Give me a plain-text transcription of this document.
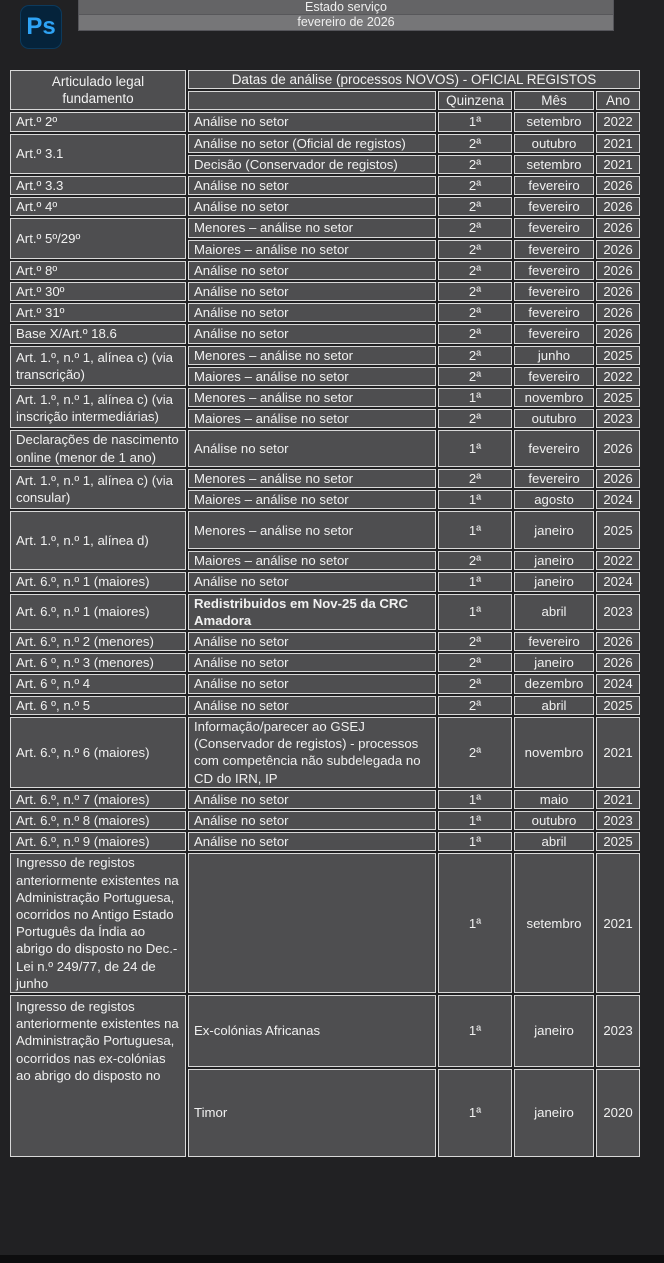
Ps
Estado serviço
fevereiro de 2026
Articulado legal fundamento	Datas de análise (processos NOVOS) - OFICIAL REGISTOS			
		Quinzena	Mês	Ano
Art.º 2º	Análise no setor	1ª	setembro	2022
Art.º 3.1	Análise no setor (Oficial de registos)	2ª	outubro	2021
	Decisão (Conservador de registos)	2ª	setembro	2021
Art.º 3.3	Análise no setor	2ª	fevereiro	2026
Art.º 4º	Análise no setor	2ª	fevereiro	2026
Art.º 5º/29º	Menores – análise no setor	2ª	fevereiro	2026
	Maiores – análise no setor	2ª	fevereiro	2026
Art.º 8º	Análise no setor	2ª	fevereiro	2026
Art.º 30º	Análise no setor	2ª	fevereiro	2026
Art.º 31º	Análise no setor	2ª	fevereiro	2026
Base X/Art.º 18.6	Análise no setor	2ª	fevereiro	2026
Art. 1.º, n.º 1, alínea c) (via transcrição)	Menores – análise no setor	2ª	junho	2025
	Maiores – análise no setor	2ª	fevereiro	2022
Art. 1.º, n.º 1, alínea c) (via inscrição intermediárias)	Menores – análise no setor	1ª	novembro	2025
	Maiores – análise no setor	2ª	outubro	2023
Declarações de nascimento online (menor de 1 ano)	Análise no setor	1ª	fevereiro	2026
Art. 1.º, n.º 1, alínea c) (via consular)	Menores – análise no setor	2ª	fevereiro	2026
	Maiores – análise no setor	1ª	agosto	2024
Art. 1.º, n.º 1, alínea d)	Menores – análise no setor	1ª	janeiro	2025
	Maiores – análise no setor	2ª	janeiro	2022
Art. 6.º, n.º 1 (maiores)	Análise no setor	1ª	janeiro	2024
Art. 6.º, n.º 1 (maiores)	Redistribuidos em Nov-25 da CRC Amadora	1ª	abril	2023
Art. 6.º, n.º 2 (menores)	Análise no setor	2ª	fevereiro	2026
Art. 6 º, n.º 3 (menores)	Análise no setor	2ª	janeiro	2026
Art. 6 º, n.º 4	Análise no setor	2ª	dezembro	2024
Art. 6 º, n.º 5	Análise no setor	2ª	abril	2025
Art. 6.º, n.º 6 (maiores)	Informação/parecer ao GSEJ (Conservador de registos) - processos com competência não subdelegada no CD do IRN, IP	2ª	novembro	2021
Art. 6.º, n.º 7 (maiores)	Análise no setor	1ª	maio	2021
Art. 6.º, n.º 8 (maiores)	Análise no setor	1ª	outubro	2023
Art. 6.º, n.º 9 (maiores)	Análise no setor	1ª	abril	2025
Ingresso de registos anteriormente existentes na Administração Portuguesa, ocorridos no Antigo Estado Português da Índia ao abrigo do disposto no Dec.-Lei n.º 249/77, de 24 de junho		1ª	setembro	2021
Ingresso de registos anteriormente existentes na Administração Portuguesa, ocorridos nas ex-colónias ao abrigo do disposto no	Ex-colónias Africanas	1ª	janeiro	2023
	Timor	1ª	janeiro	2020
